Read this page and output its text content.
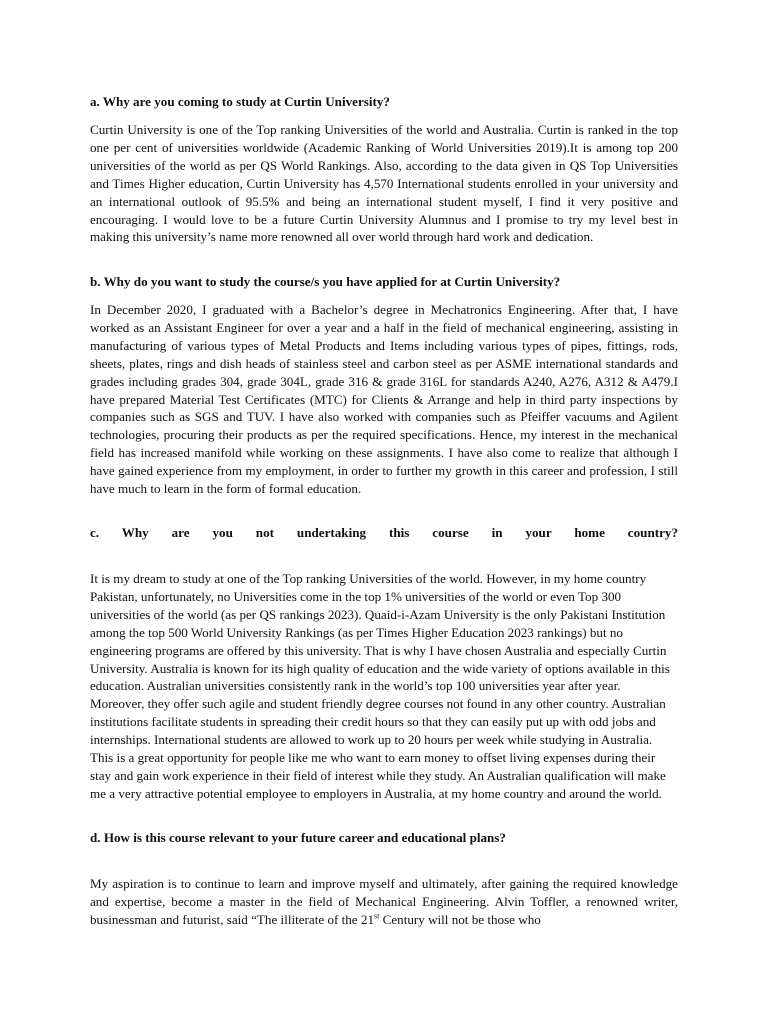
a. Why are you coming to study at Curtin University?

Curtin University is one of the Top ranking Universities of the world and Australia. Curtin is ranked in the top one per cent of universities worldwide (Academic Ranking of World Universities 2019).It is among top 200 universities of the world as per QS World Rankings. Also, according to the data given in QS Top Universities and Times Higher education, Curtin University has 4,570 International students enrolled in your university and an international outlook of 95.5% and being an international student myself, I find it very positive and encouraging. I would love to be a future Curtin University Alumnus and I promise to try my level best in making this university’s name more renowned all over world through hard work and dedication.

b. Why do you want to study the course/s you have applied for at Curtin University?

In December 2020, I graduated with a Bachelor’s degree in Mechatronics Engineering. After that, I have worked as an Assistant Engineer for over a year and a half in the field of mechanical engineering, assisting in manufacturing of various types of Metal Products and Items including various types of pipes, fittings, rods, sheets, plates, rings and dish heads of stainless steel and carbon steel as per ASME international standards and grades including grades 304, grade 304L, grade 316 & grade 316L for standards A240, A276, A312 & A479.I have prepared Material Test Certificates (MTC) for Clients & Arrange and help in third party inspections by companies such as SGS and TUV. I have also worked with companies such as Pfeiffer vacuums and Agilent technologies, procuring their products as per the required specifications. Hence, my interest in the mechanical field has increased manifold while working on these assignments. I have also come to realize that although I have gained experience from my employment, in order to further my growth in this career and profession, I still have much to learn in the form of formal education.

c. Why are you not undertaking this course in your home country?

It is my dream to study at one of the Top ranking Universities of the world. However, in my home country Pakistan, unfortunately, no Universities come in the top 1% universities of the world or even Top 300 universities of the world (as per QS rankings 2023). Quaid-i-Azam University is the only Pakistani Institution among the top 500 World University Rankings (as per Times Higher Education 2023 rankings) but no engineering programs are offered by this university. That is why I have chosen Australia and especially Curtin University. Australia is known for its high quality of education and the wide variety of options available in this education. Australian universities consistently rank in the world’s top 100 universities year after year. Moreover, they offer such agile and student friendly degree courses not found in any other country. Australian institutions facilitate students in spreading their credit hours so that they can easily put up with odd jobs and internships. International students are allowed to work up to 20 hours per week while studying in Australia. This is a great opportunity for people like me who want to earn money to offset living expenses during their stay and gain work experience in their field of interest while they study. An Australian qualification will make me a very attractive potential employee to employers in Australia, at my home country and around the world.

d. How is this course relevant to your future career and educational plans?

My aspiration is to continue to learn and improve myself and ultimately, after gaining the required knowledge and expertise, become a master in the field of Mechanical Engineering. Alvin Toffler, a renowned writer, businessman and futurist, said “The illiterate of the 21st Century will not be those who
